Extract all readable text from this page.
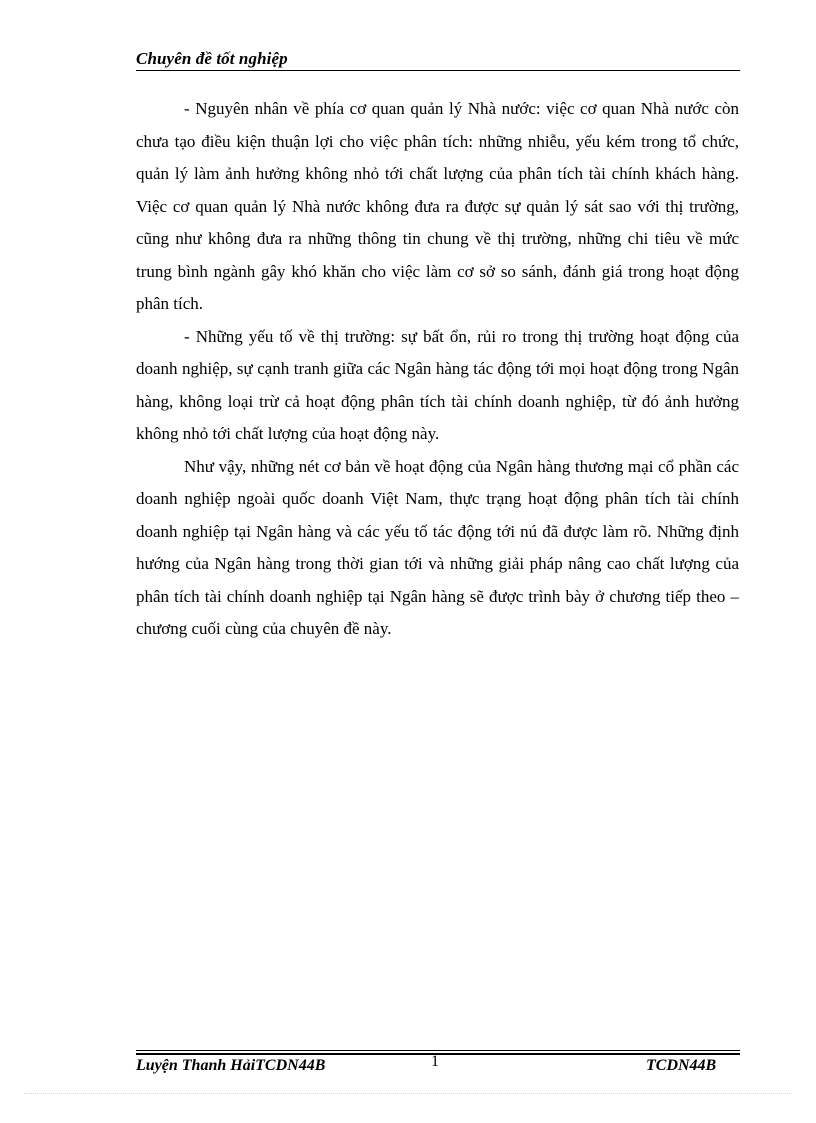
Chuyên đề tốt nghiệp

- Nguyên nhân về phía cơ quan quản lý Nhà nước: việc cơ quan Nhà nước còn chưa tạo điều kiện thuận lợi cho việc phân tích: những nhiễu, yếu kém trong tổ chức, quản lý làm ảnh hưởng không nhỏ tới chất lượng của phân tích tài chính khách hàng. Việc cơ quan quản lý Nhà nước không đưa ra được sự quản lý sát sao với thị trường, cũng như không đưa ra những thông tin chung về thị trường, những chi tiêu về mức trung bình ngành gây khó khăn cho việc làm cơ sở so sánh, đánh giá trong hoạt động phân tích.

- Những yếu tố về thị trường: sự bất ổn, rủi ro trong thị trường hoạt động của doanh nghiệp, sự cạnh tranh giữa các Ngân hàng tác động tới mọi hoạt động trong Ngân hàng, không loại trừ cả hoạt động phân tích tài chính doanh nghiệp, từ đó ảnh hưởng không nhỏ tới chất lượng của hoạt động này.

Như vậy, những nét cơ bản về hoạt động của Ngân hàng thương mại cổ phần các doanh nghiệp ngoài quốc doanh Việt Nam, thực trạng hoạt động phân tích tài chính doanh nghiệp tại Ngân hàng và các yếu tố tác động tới nú đã được làm rõ. Những định hướng của Ngân hàng trong thời gian tới và những giải pháp nâng cao chất lượng của phân tích tài chính doanh nghiệp tại Ngân hàng sẽ được trình bày ở chương tiếp theo – chương cuối cùng của chuyên đề này.

Luyện Thanh HảiTCDN44B	1	TCDN44B
